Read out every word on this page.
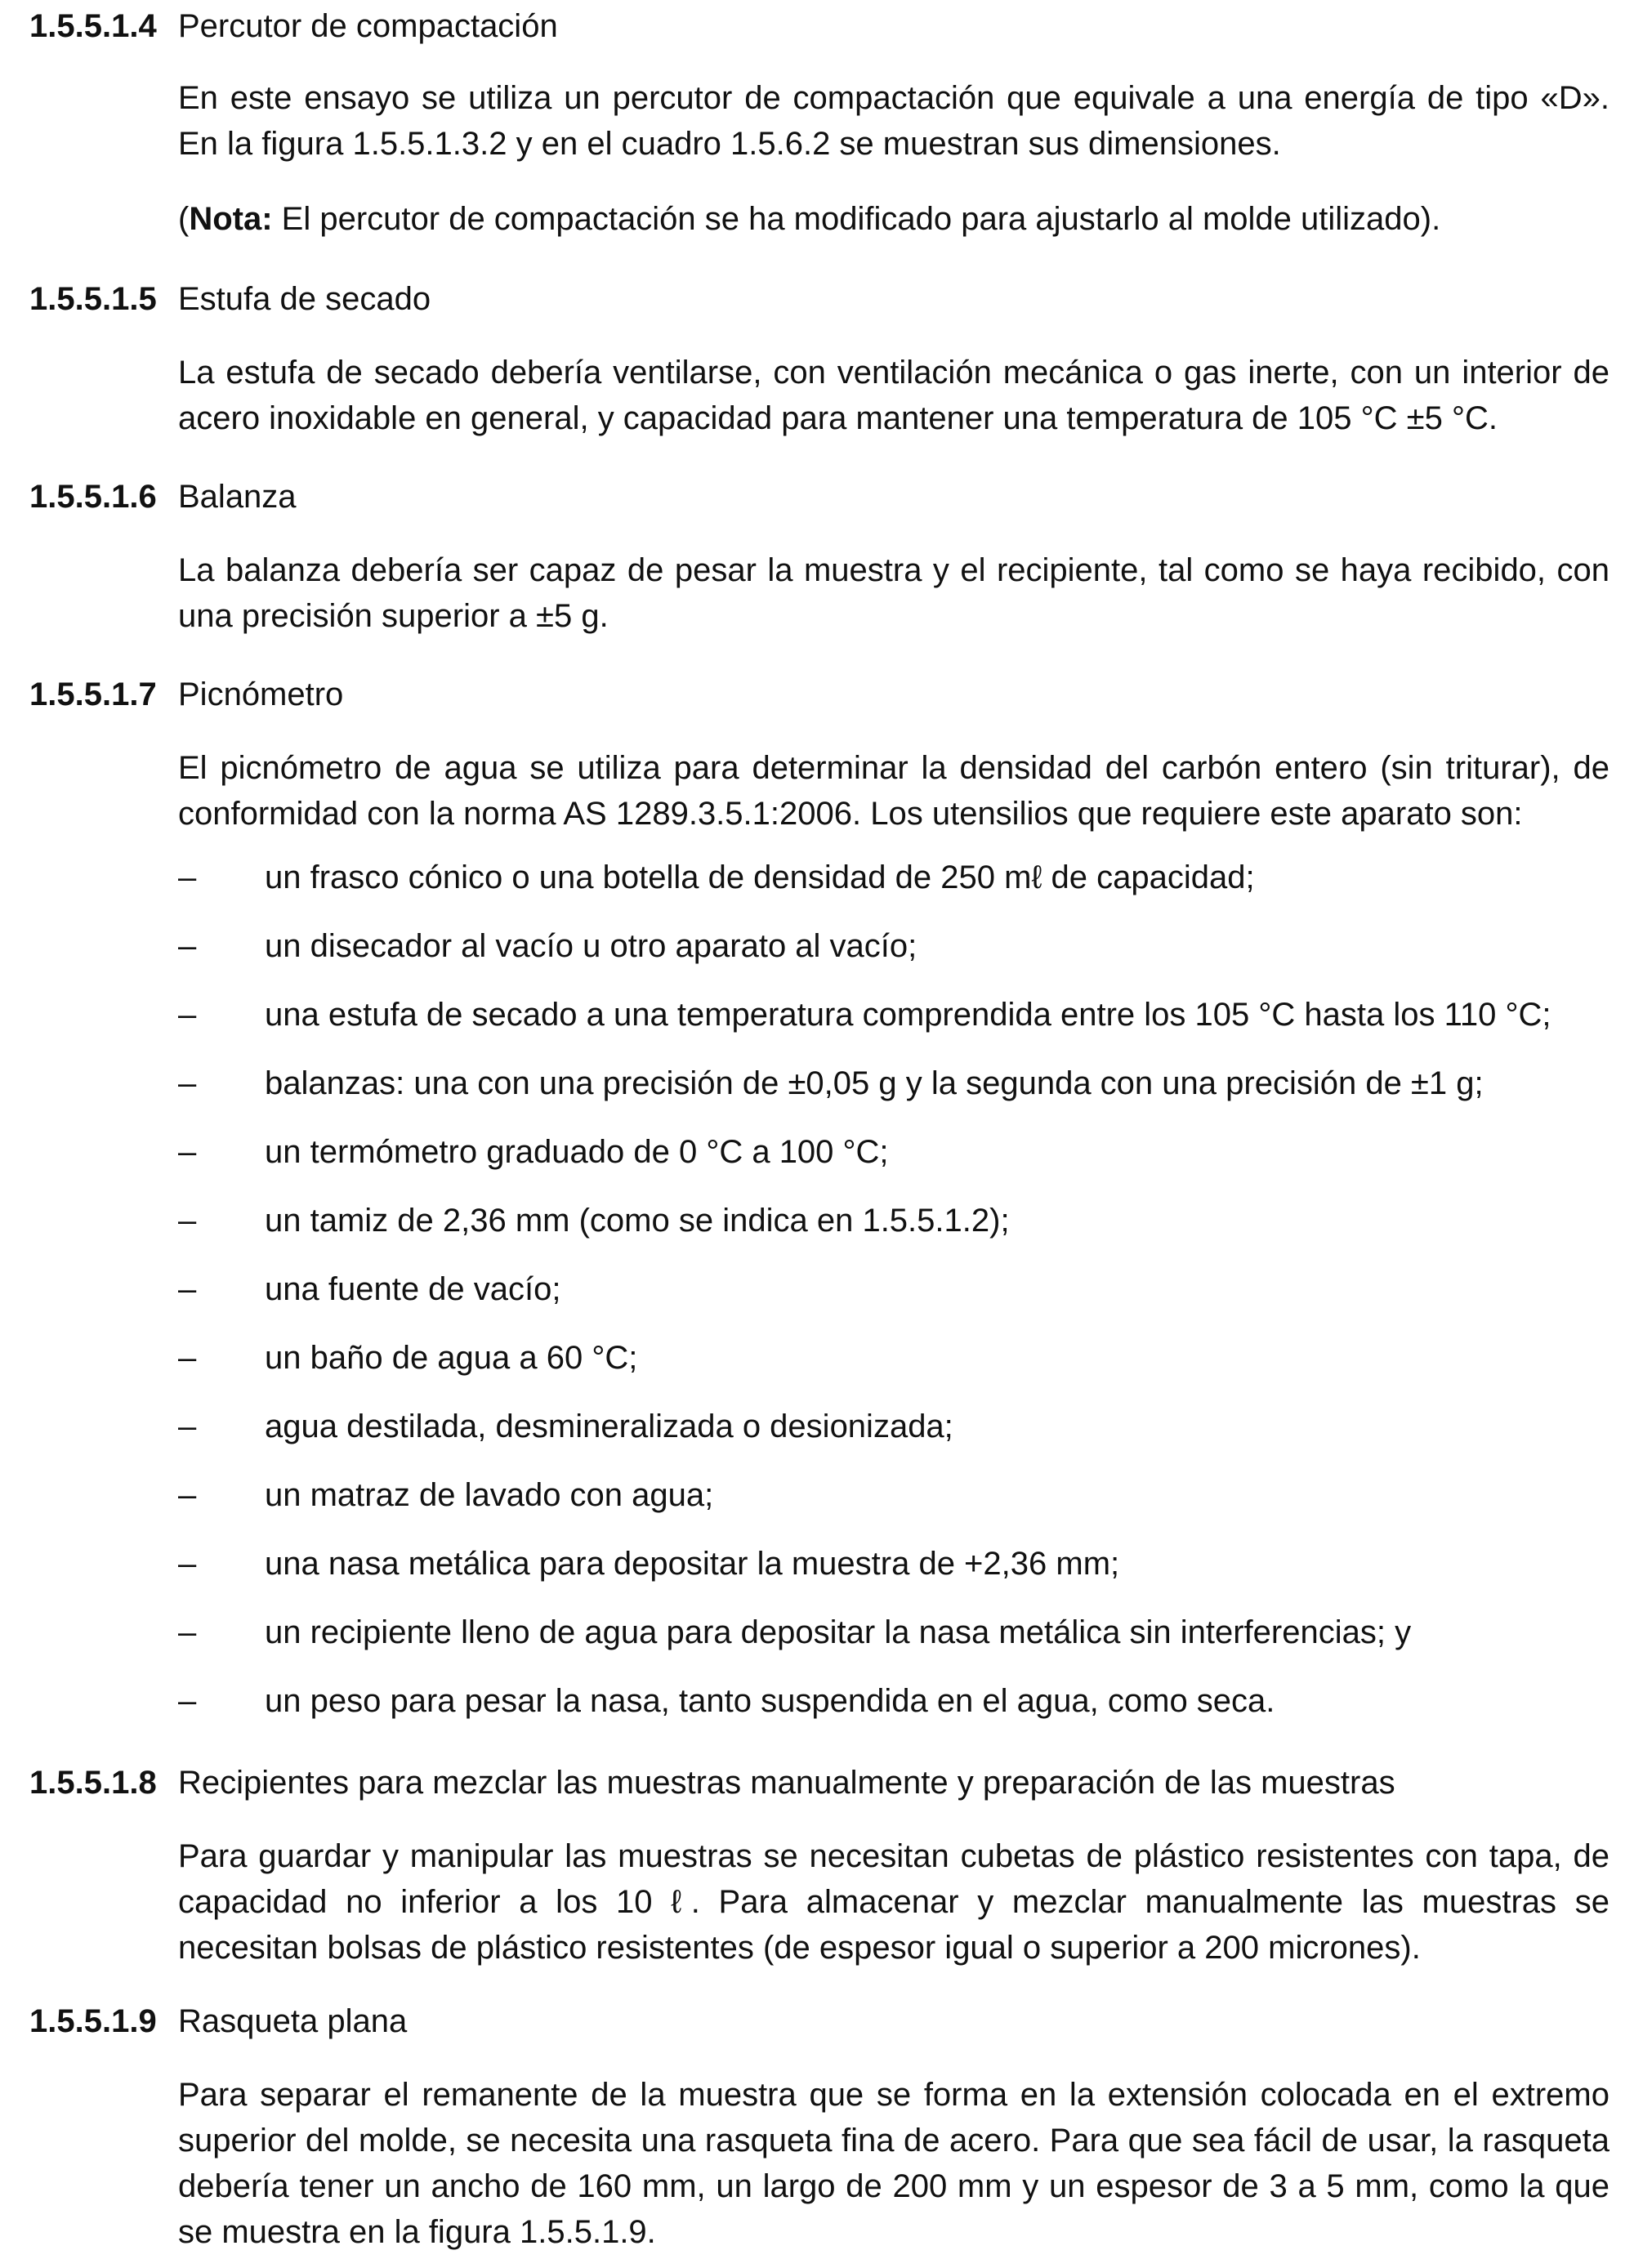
1.5.5.1.4 Percutor de compactación
En este ensayo se utiliza un percutor de compactación que equivale a una energía de tipo «D». En la figura 1.5.5.1.3.2 y en el cuadro 1.5.6.2 se muestran sus dimensiones.
(Nota: El percutor de compactación se ha modificado para ajustarlo al molde utilizado).
1.5.5.1.5 Estufa de secado
La estufa de secado debería ventilarse, con ventilación mecánica o gas inerte, con un interior de acero inoxidable en general, y capacidad para mantener una temperatura de 105 °C ±5 °C.
1.5.5.1.6 Balanza
La balanza debería ser capaz de pesar la muestra y el recipiente, tal como se haya recibido, con una precisión superior a ±5 g.
1.5.5.1.7 Picnómetro
El picnómetro de agua se utiliza para determinar la densidad del carbón entero (sin triturar), de conformidad con la norma AS 1289.3.5.1:2006. Los utensilios que requiere este aparato son:
– un frasco cónico o una botella de densidad de 250 mℓ de capacidad;
– un disecador al vacío u otro aparato al vacío;
– una estufa de secado a una temperatura comprendida entre los 105 °C hasta los 110 °C;
– balanzas: una con una precisión de ±0,05 g y la segunda con una precisión de ±1 g;
– un termómetro graduado de 0 °C a 100 °C;
– un tamiz de 2,36 mm (como se indica en 1.5.5.1.2);
– una fuente de vacío;
– un baño de agua a 60 °C;
– agua destilada, desmineralizada o desionizada;
– un matraz de lavado con agua;
– una nasa metálica para depositar la muestra de +2,36 mm;
– un recipiente lleno de agua para depositar la nasa metálica sin interferencias; y
– un peso para pesar la nasa, tanto suspendida en el agua, como seca.
1.5.5.1.8 Recipientes para mezclar las muestras manualmente y preparación de las muestras
Para guardar y manipular las muestras se necesitan cubetas de plástico resistentes con tapa, de capacidad no inferior a los 10 ℓ. Para almacenar y mezclar manualmente las muestras se necesitan bolsas de plástico resistentes (de espesor igual o superior a 200 micrones).
1.5.5.1.9 Rasqueta plana
Para separar el remanente de la muestra que se forma en la extensión colocada en el extremo superior del molde, se necesita una rasqueta fina de acero. Para que sea fácil de usar, la rasqueta debería tener un ancho de 160 mm, un largo de 200 mm y un espesor de 3 a 5 mm, como la que se muestra en la figura 1.5.5.1.9.
